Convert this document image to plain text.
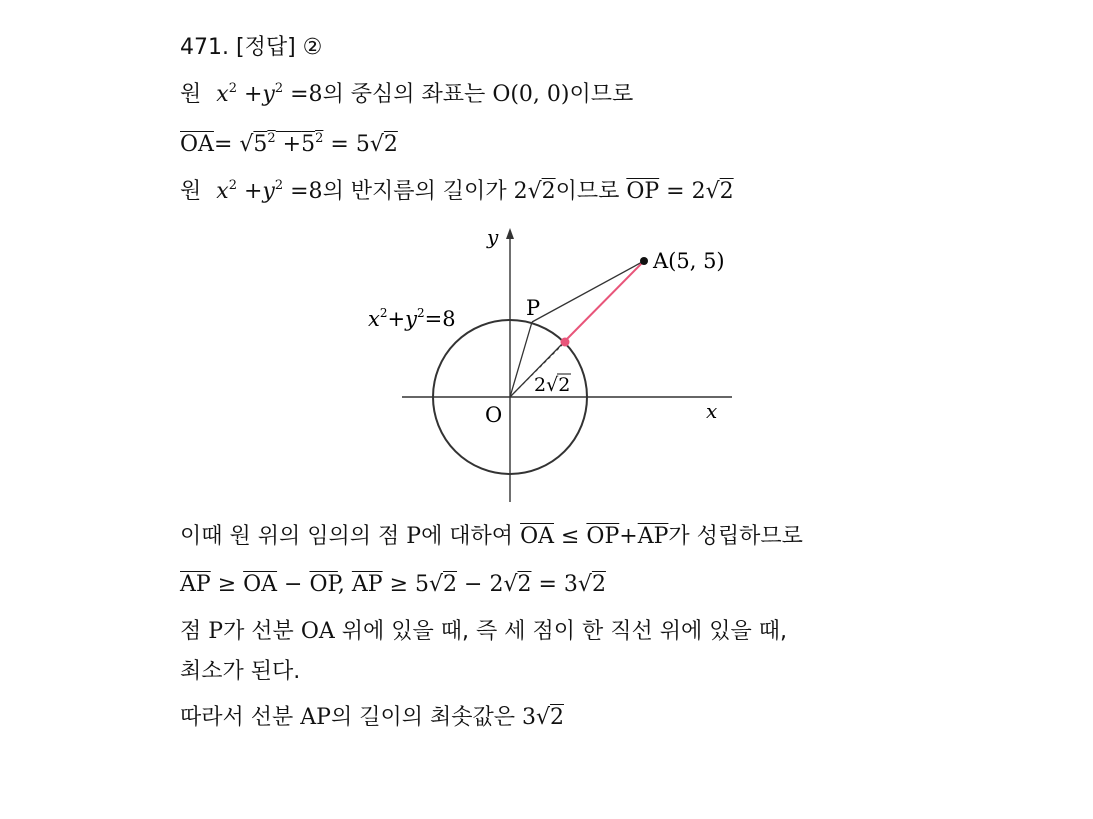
471. [정답] ②
원 $x^2 +y^2 =8$의 중심의 좌표는 O(0, 0)이므로
$\overline{OA}= √5^2 +5^2 = 5√2$
원 $x^2 +y^2 =8$의 반지름의 길이가 2√2이므로 $\overline{OP} = 2√2$
y
x
A(5, 5)
P
O
$x^2+y^2=8$
2√2
이때 원 위의 임의의 점 P에 대하여 $\overline{OA} \le \overline{OP}+\overline{AP}$가 성립하므로
$\overline{AP} \ge \overline{OA} - \overline{OP}$, $\overline{AP} \ge 5√2 - 2√2 = 3√2$
점 P가 선분 OA 위에 있을 때, 즉 세 점이 한 직선 위에 있을 때,
최소가 된다.
따라서 선분 AP의 길이의 최솟값은 3√2
